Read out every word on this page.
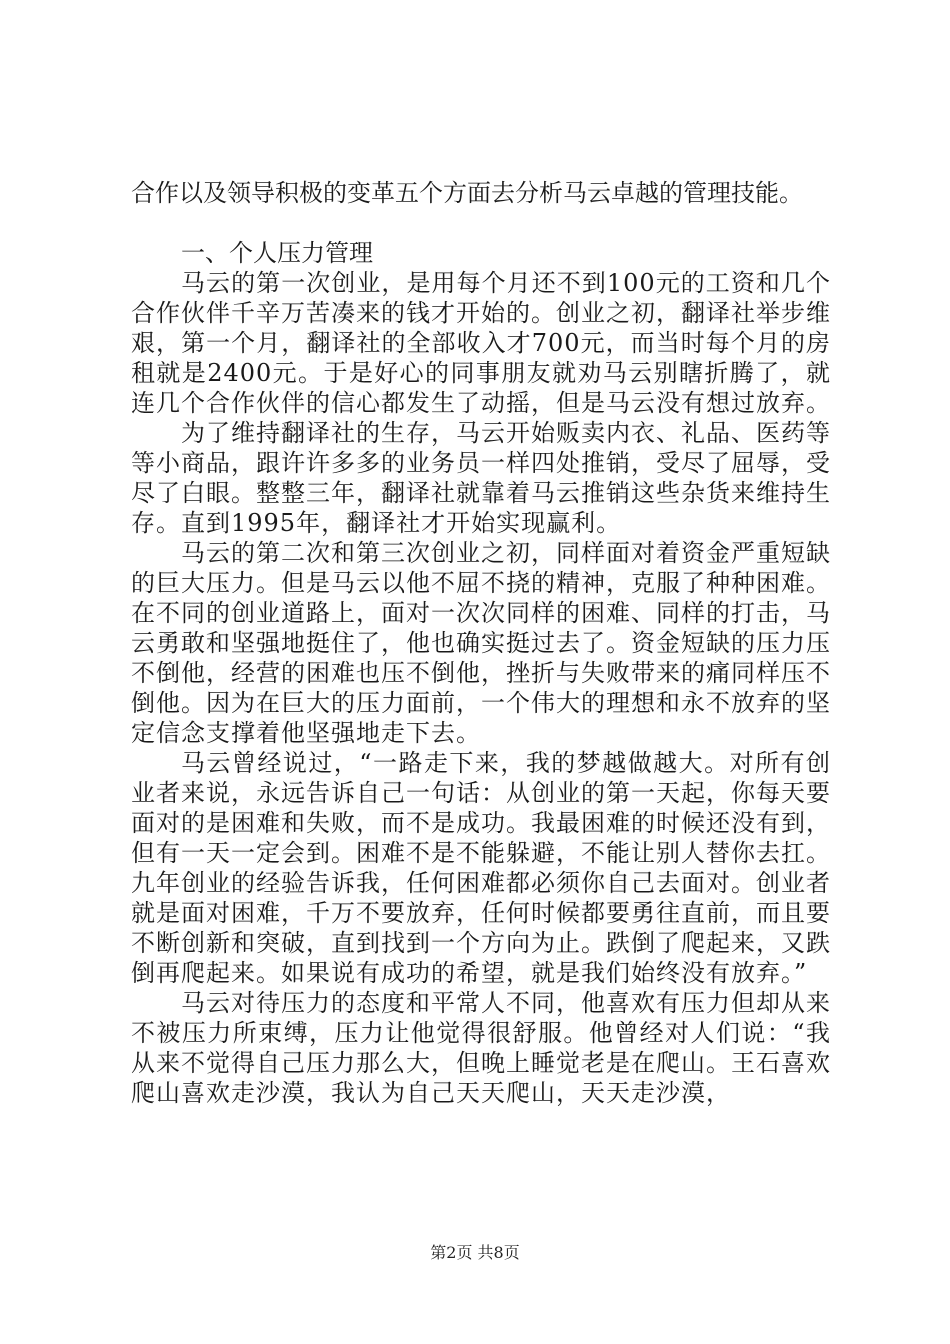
合作以及领导积极的变革五个方面去分析马云卓越的管理技能。

一、个人压力管理

马云的第一次创业，是用每个月还不到100元的工资和几个合作伙伴千辛万苦凑来的钱才开始的。创业之初，翻译社举步维艰，第一个月，翻译社的全部收入才700元，而当时每个月的房租就是2400元。于是好心的同事朋友就劝马云别瞎折腾了，就连几个合作伙伴的信心都发生了动摇，但是马云没有想过放弃。

为了维持翻译社的生存，马云开始贩卖内衣、礼品、医药等等小商品，跟许许多多的业务员一样四处推销，受尽了屈辱，受尽了白眼。整整三年，翻译社就靠着马云推销这些杂货来维持生存。直到1995年，翻译社才开始实现赢利。

马云的第二次和第三次创业之初，同样面对着资金严重短缺的巨大压力。但是马云以他不屈不挠的精神，克服了种种困难。在不同的创业道路上，面对一次次同样的困难、同样的打击，马云勇敢和坚强地挺住了，他也确实挺过去了。资金短缺的压力压不倒他，经营的困难也压不倒他，挫折与失败带来的痛同样压不倒他。因为在巨大的压力面前，一个伟大的理想和永不放弃的坚定信念支撑着他坚强地走下去。

马云曾经说过，“一路走下来，我的梦越做越大。对所有创业者来说，永远告诉自己一句话：从创业的第一天起，你每天要面对的是困难和失败，而不是成功。我最困难的时候还没有到，但有一天一定会到。困难不是不能躲避，不能让别人替你去扛。九年创业的经验告诉我，任何困难都必须你自己去面对。创业者就是面对困难，千万不要放弃，任何时候都要勇往直前，而且要不断创新和突破，直到找到一个方向为止。跌倒了爬起来，又跌倒再爬起来。如果说有成功的希望，就是我们始终没有放弃。”

马云对待压力的态度和平常人不同，他喜欢有压力但却从来不被压力所束缚，压力让他觉得很舒服。他曾经对人们说：“我从来不觉得自己压力那么大，但晚上睡觉老是在爬山。王石喜欢爬山喜欢走沙漠，我认为自己天天爬山，天天走沙漠，

第2页 共8页
